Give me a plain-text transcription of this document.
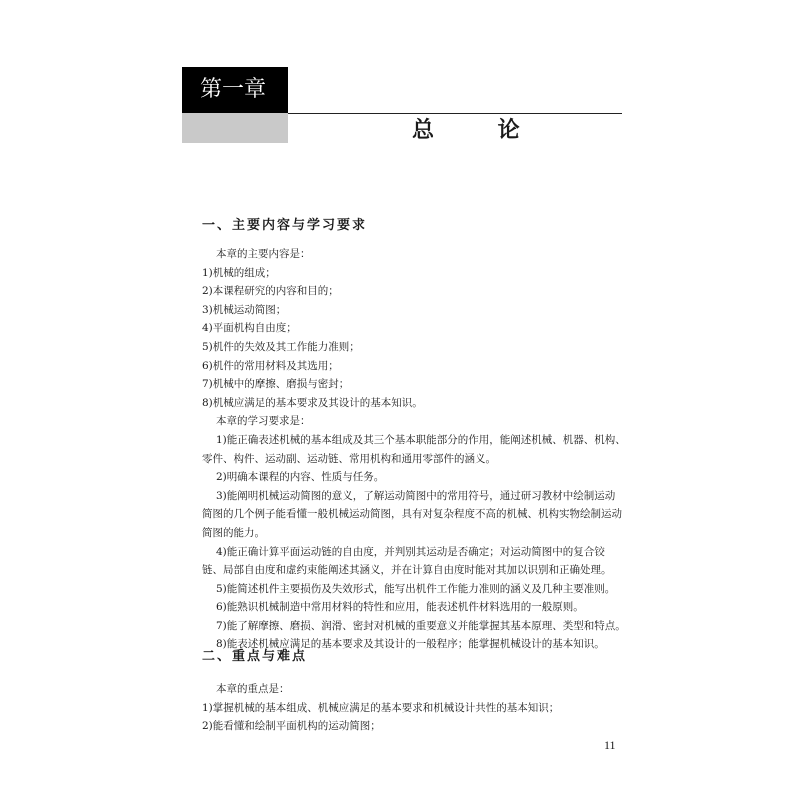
第一章
总 论
一、主要内容与学习要求
本章的主要内容是：
1)机械的组成；
2)本课程研究的内容和目的；
3)机械运动简图；
4)平面机构自由度；
5)机件的失效及其工作能力准则；
6)机件的常用材料及其选用；
7)机械中的摩擦、磨损与密封；
8)机械应满足的基本要求及其设计的基本知识。
本章的学习要求是：
1)能正确表述机械的基本组成及其三个基本职能部分的作用，能阐述机械、机器、机构、
零件、构件、运动副、运动链、常用机构和通用零部件的涵义。
2)明确本课程的内容、性质与任务。
3)能阐明机械运动简图的意义，了解运动简图中的常用符号，通过研习教材中绘制运动
简图的几个例子能看懂一般机械运动简图，具有对复杂程度不高的机械、机构实物绘制运动
简图的能力。
4)能正确计算平面运动链的自由度，并判别其运动是否确定；对运动简图中的复合铰
链、局部自由度和虚约束能阐述其涵义，并在计算自由度时能对其加以识别和正确处理。
5)能简述机件主要损伤及失效形式，能写出机件工作能力准则的涵义及几种主要准则。
6)能熟识机械制造中常用材料的特性和应用，能表述机件材料选用的一般原则。
7)能了解摩擦、磨损、润滑、密封对机械的重要意义并能掌握其基本原理、类型和特点。
8)能表述机械应满足的基本要求及其设计的一般程序；能掌握机械设计的基本知识。
二、重点与难点
本章的重点是：
1)掌握机械的基本组成、机械应满足的基本要求和机械设计共性的基本知识；
2)能看懂和绘制平面机构的运动简图；
11
